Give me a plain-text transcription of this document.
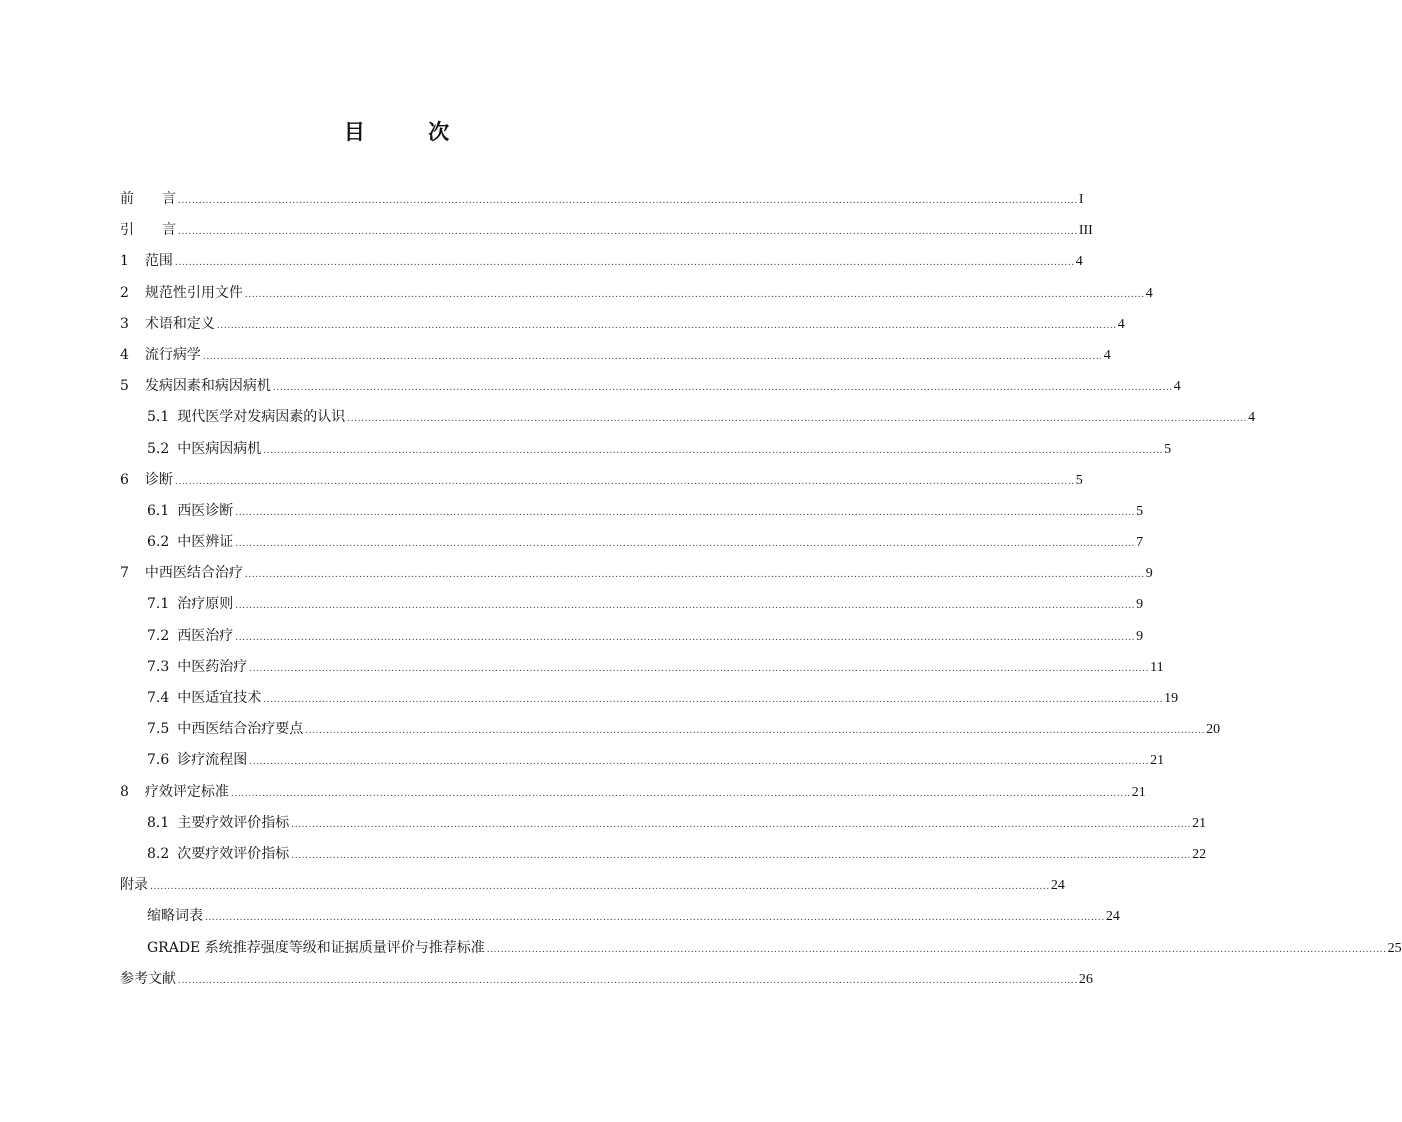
目 次
前　　言 .................................................................................................................................................................................................................................................................... I
引　　言 .................................................................................................................................................................................................................................................................... III
1 范围 .................................................................................................................................................................................................................................................................... 4
2 规范性引用文件 .................................................................................................................................................................................................................................................................... 4
3 术语和定义 .................................................................................................................................................................................................................................................................... 4
4 流行病学 .................................................................................................................................................................................................................................................................... 4
5 发病因素和病因病机 .................................................................................................................................................................................................................................................................... 4
5.1 现代医学对发病因素的认识 .................................................................................................................................................................................................................................................................... 4
5.2 中医病因病机 .................................................................................................................................................................................................................................................................... 5
6 诊断 .................................................................................................................................................................................................................................................................... 5
6.1 西医诊断 .................................................................................................................................................................................................................................................................... 5
6.2 中医辨证 .................................................................................................................................................................................................................................................................... 7
7 中西医结合治疗 .................................................................................................................................................................................................................................................................... 9
7.1 治疗原则 .................................................................................................................................................................................................................................................................... 9
7.2 西医治疗 .................................................................................................................................................................................................................................................................... 9
7.3 中医药治疗 .................................................................................................................................................................................................................................................................... 11
7.4 中医适宜技术 .................................................................................................................................................................................................................................................................... 19
7.5 中西医结合治疗要点 .................................................................................................................................................................................................................................................................... 20
7.6 诊疗流程图 .................................................................................................................................................................................................................................................................... 21
8 疗效评定标准 .................................................................................................................................................................................................................................................................... 21
8.1 主要疗效评价指标 .................................................................................................................................................................................................................................................................... 21
8.2 次要疗效评价指标 .................................................................................................................................................................................................................................................................... 22
附录 .................................................................................................................................................................................................................................................................... 24
缩略词表 .................................................................................................................................................................................................................................................................... 24
GRADE 系统推荐强度等级和证据质量评价与推荐标准 .................................................................................................................................................................................................................................................................... 25
参考文献 .................................................................................................................................................................................................................................................................... 26
